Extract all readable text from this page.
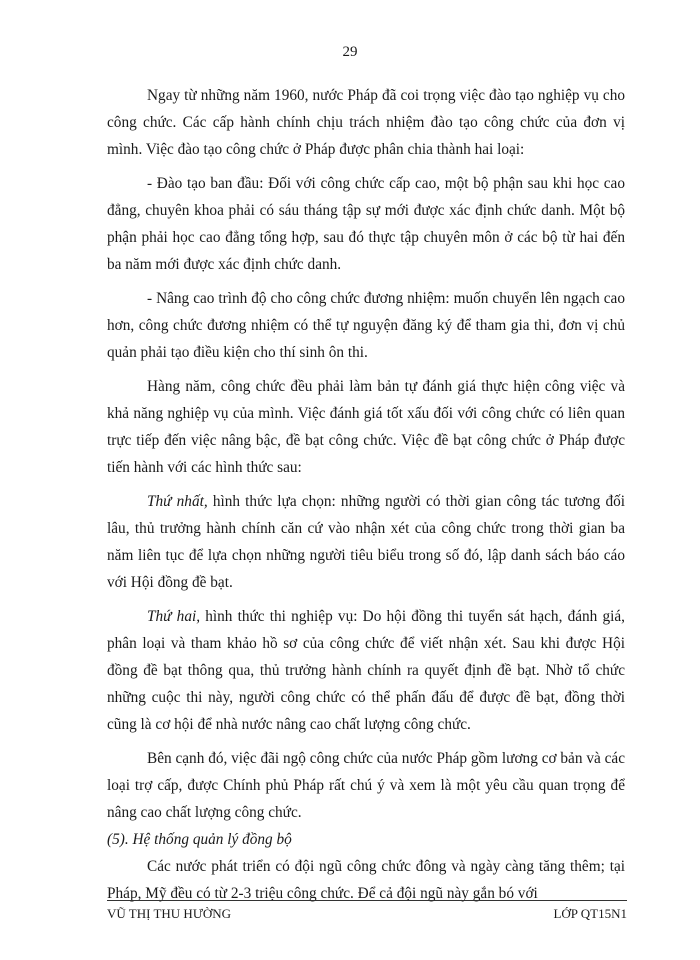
29

Ngay từ những năm 1960, nước Pháp đã coi trọng việc đào tạo nghiệp vụ cho công chức. Các cấp hành chính chịu trách nhiệm đào tạo công chức của đơn vị mình. Việc đào tạo công chức ở Pháp được phân chia thành hai loại:

- Đào tạo ban đầu: Đối với công chức cấp cao, một bộ phận sau khi học cao đẳng, chuyên khoa phải có sáu tháng tập sự mới được xác định chức danh. Một bộ phận phải học cao đẳng tổng hợp, sau đó thực tập chuyên môn ở các bộ từ hai đến ba năm mới được xác định chức danh.

- Nâng cao trình độ cho công chức đương nhiệm: muốn chuyển lên ngạch cao hơn, công chức đương nhiệm có thể tự nguyện đăng ký để tham gia thi, đơn vị chủ quản phải tạo điều kiện cho thí sinh ôn thi.

Hàng năm, công chức đều phải làm bản tự đánh giá thực hiện công việc và khả năng nghiệp vụ của mình. Việc đánh giá tốt xấu đối với công chức có liên quan trực tiếp đến việc nâng bậc, đề bạt công chức. Việc đề bạt công chức ở Pháp được tiến hành với các hình thức sau:

Thứ nhất, hình thức lựa chọn: những người có thời gian công tác tương đối lâu, thủ trưởng hành chính căn cứ vào nhận xét của công chức trong thời gian ba năm liên tục để lựa chọn những người tiêu biểu trong số đó, lập danh sách báo cáo với Hội đồng đề bạt.

Thứ hai, hình thức thi nghiệp vụ: Do hội đồng thi tuyển sát hạch, đánh giá, phân loại và tham khảo hồ sơ của công chức để viết nhận xét. Sau khi được Hội đồng đề bạt thông qua, thủ trưởng hành chính ra quyết định đề bạt. Nhờ tổ chức những cuộc thi này, người công chức có thể phấn đấu để được đề bạt, đồng thời cũng là cơ hội để nhà nước nâng cao chất lượng công chức.

Bên cạnh đó, việc đãi ngộ công chức của nước Pháp gồm lương cơ bản và các loại trợ cấp, được Chính phủ Pháp rất chú ý và xem là một yêu cầu quan trọng để nâng cao chất lượng công chức.

(5). Hệ thống quản lý đồng bộ

Các nước phát triển có đội ngũ công chức đông và ngày càng tăng thêm; tại Pháp, Mỹ đều có từ 2-3 triệu công chức. Để cả đội ngũ này gắn bó với

VŨ THỊ THU HƯỜNG	LỚP QT15N1
